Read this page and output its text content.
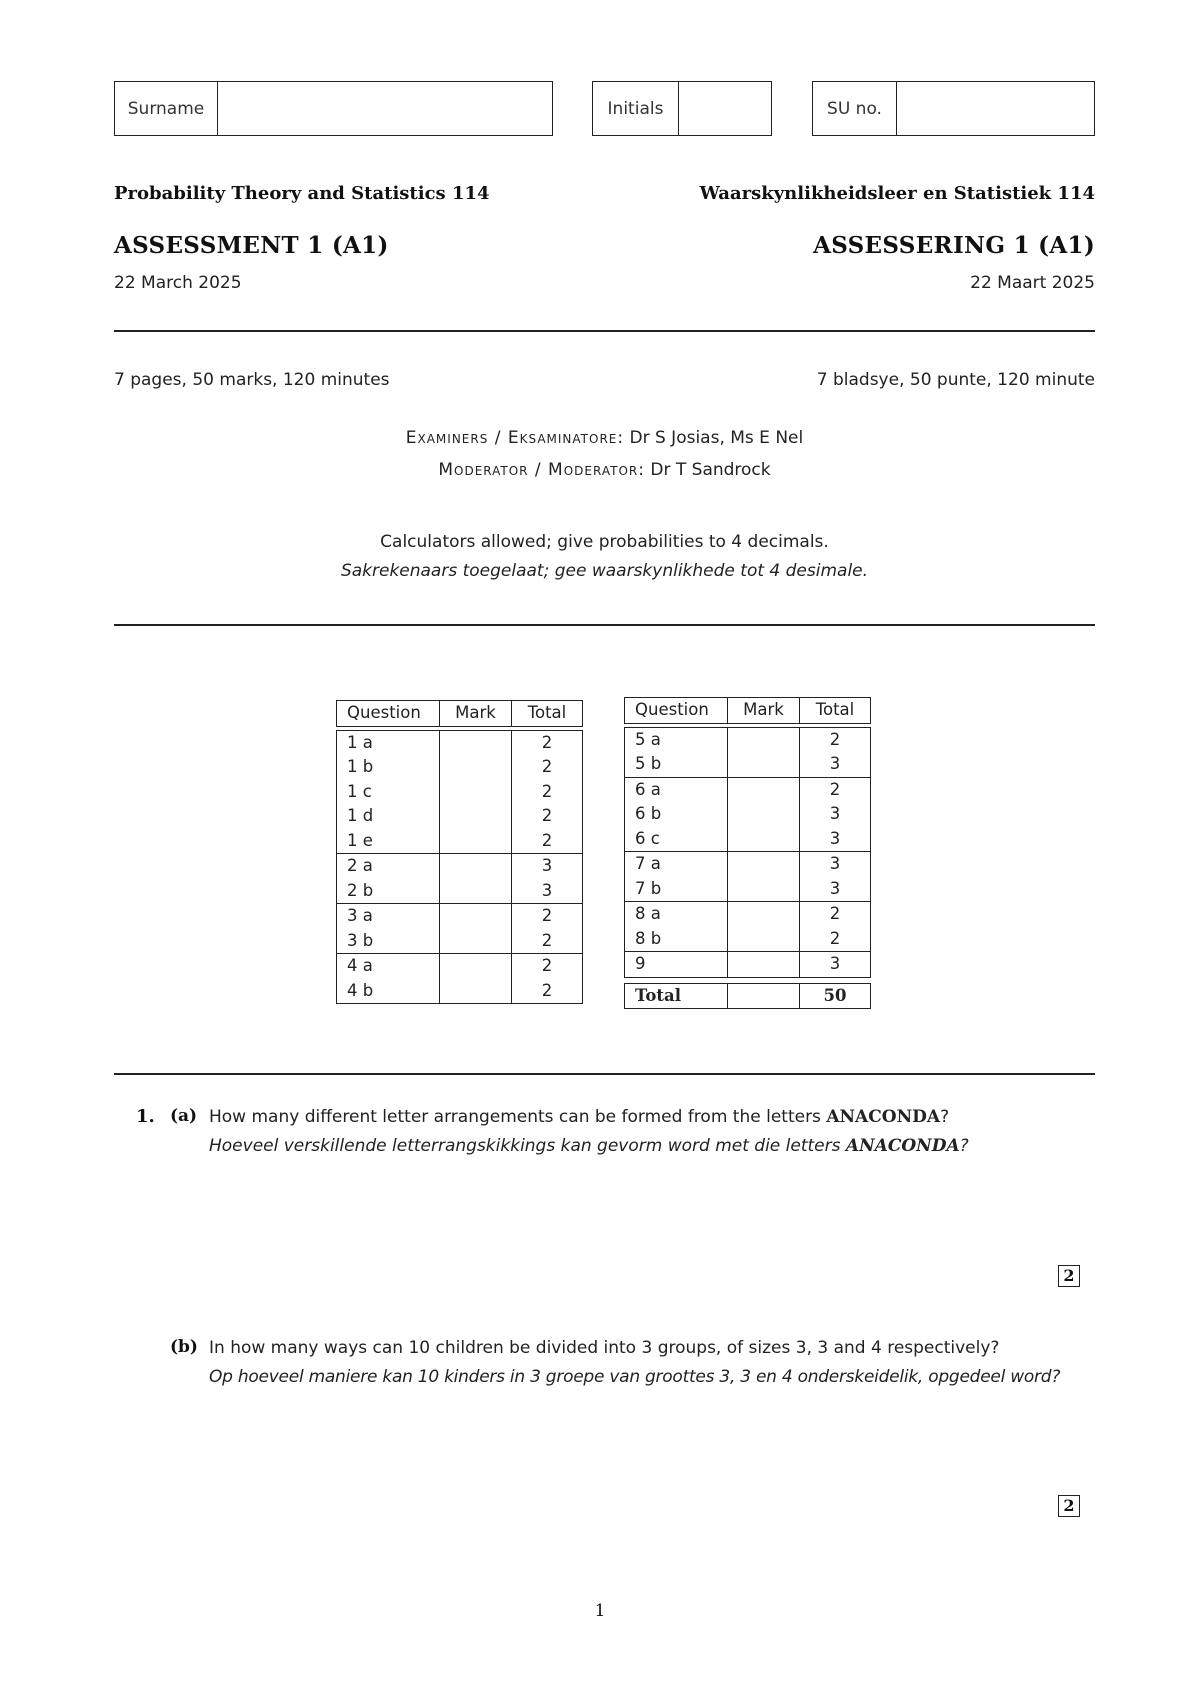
Surname	Initials	SU no.
Probability Theory and Statistics 114	Waarskynlikheidsleer en Statistiek 114
ASSESSMENT 1 (A1)	ASSESSERING 1 (A1)
22 March 2025	22 Maart 2025
7 pages, 50 marks, 120 minutes	7 bladsye, 50 punte, 120 minute
Examiners / Eksaminatore: Dr S Josias, Ms E Nel
Moderator / Moderator: Dr T Sandrock
Calculators allowed; give probabilities to 4 decimals.
Sakrekenaars toegelaat; gee waarskynlikhede tot 4 desimale.
Question	Mark	Total

1 a		2
1 b		2
1 c		2
1 d		2
1 e		2
2 a		3
2 b		3
3 a		2
3 b		2
4 a		2
4 b		2
Question	Mark	Total

5 a		2
5 b		3
6 a		2
6 b		3
6 c		3
7 a		3
7 b		3
8 a		2
8 b		2
9		3

Total		50
1. (a) How many different letter arrangements can be formed from the letters ANACONDA?
Hoeveel verskillende letterrangskikkings kan gevorm word met die letters ANACONDA?
2
(b) In how many ways can 10 children be divided into 3 groups, of sizes 3, 3 and 4 respectively?
Op hoeveel maniere kan 10 kinders in 3 groepe van groottes 3, 3 en 4 onderskeidelik, opgedeel word?
2
1
